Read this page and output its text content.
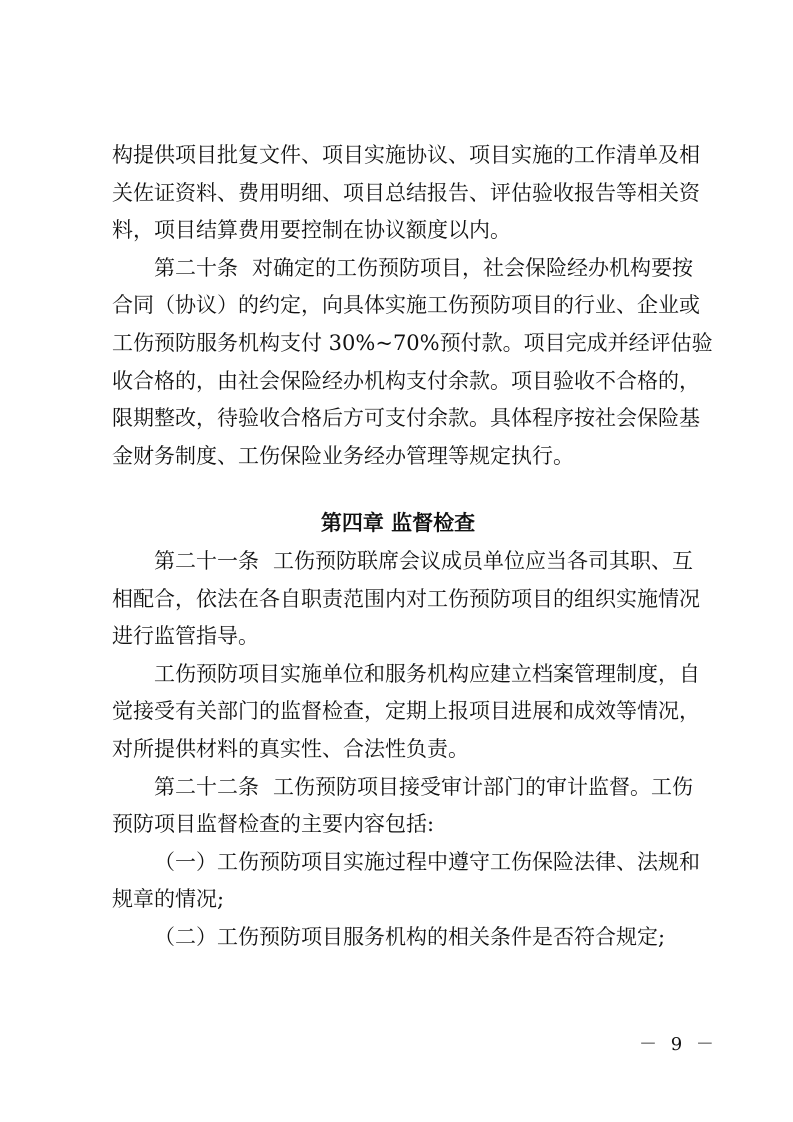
构提供项目批复文件、项目实施协议、项目实施的工作清单及相
关佐证资料、费用明细、项目总结报告、评估验收报告等相关资
料，项目结算费用要控制在协议额度以内。
第二十条 对确定的工伤预防项目，社会保险经办机构要按
合同（协议）的约定，向具体实施工伤预防项目的行业、企业或
工伤预防服务机构支付 30%~70%预付款。项目完成并经评估验
收合格的，由社会保险经办机构支付余款。项目验收不合格的，
限期整改，待验收合格后方可支付余款。具体程序按社会保险基
金财务制度、工伤保险业务经办管理等规定执行。
第四章 监督检查
第二十一条 工伤预防联席会议成员单位应当各司其职、互
相配合，依法在各自职责范围内对工伤预防项目的组织实施情况
进行监管指导。
工伤预防项目实施单位和服务机构应建立档案管理制度，自
觉接受有关部门的监督检查，定期上报项目进展和成效等情况，
对所提供材料的真实性、合法性负责。
第二十二条 工伤预防项目接受审计部门的审计监督。工伤
预防项目监督检查的主要内容包括:
（一）工伤预防项目实施过程中遵守工伤保险法律、法规和
规章的情况;
（二）工伤预防项目服务机构的相关条件是否符合规定;
－ 9 －
